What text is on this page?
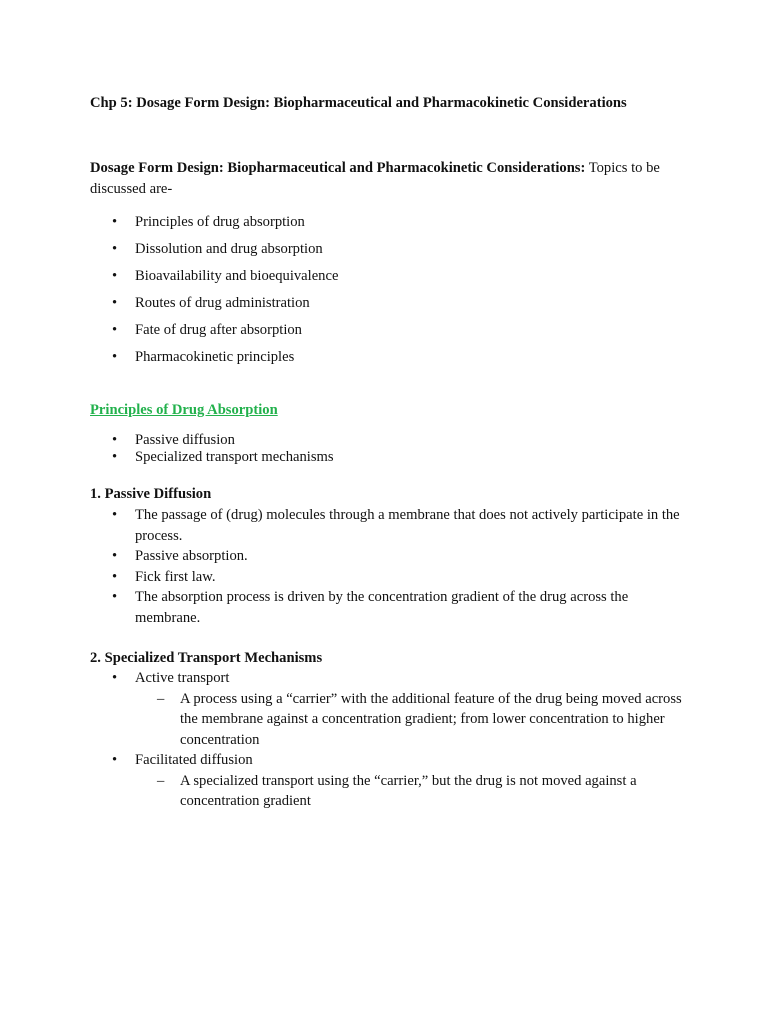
Chp 5: Dosage Form Design: Biopharmaceutical and Pharmacokinetic Considerations
Dosage Form Design: Biopharmaceutical and Pharmacokinetic Considerations: Topics to be discussed are-
• Principles of drug absorption
• Dissolution and drug absorption
• Bioavailability and bioequivalence
• Routes of drug administration
• Fate of drug after absorption
• Pharmacokinetic principles
Principles of Drug Absorption
• Passive diffusion
• Specialized transport mechanisms
1. Passive Diffusion
• The passage of (drug) molecules through a membrane that does not actively participate in the process.
• Passive absorption.
• Fick first law.
• The absorption process is driven by the concentration gradient of the drug across the membrane.
2. Specialized Transport Mechanisms
• Active transport
– A process using a “carrier” with the additional feature of the drug being moved across the membrane against a concentration gradient; from lower concentration to higher concentration
• Facilitated diffusion
– A specialized transport using the “carrier,” but the drug is not moved against a concentration gradient
